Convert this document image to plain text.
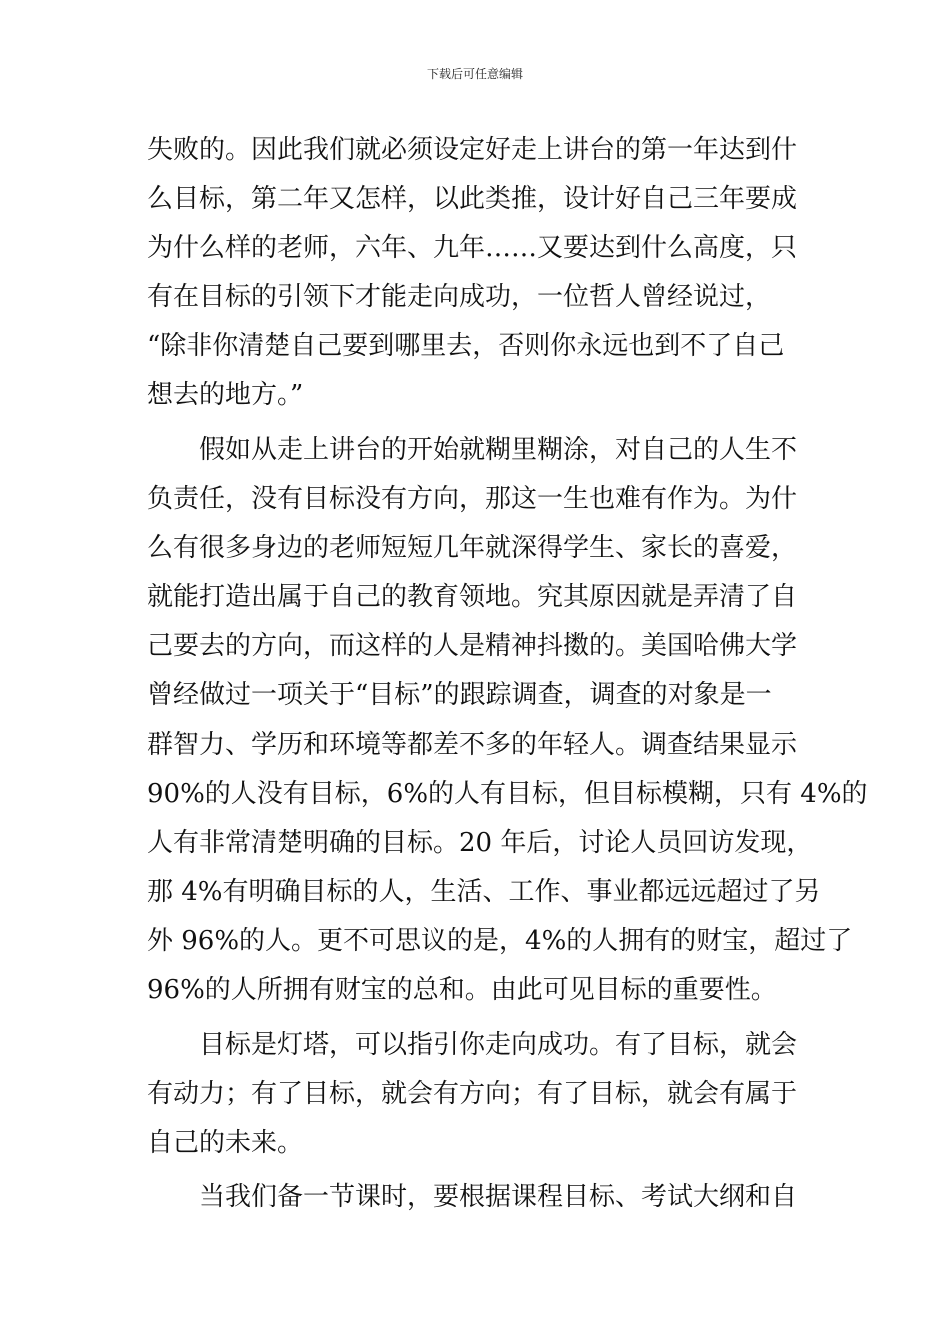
下载后可任意编辑
失败的。因此我们就必须设定好走上讲台的第一年达到什
么目标，第二年又怎样，以此类推，设计好自己三年要成
为什么样的老师，六年、九年……又要达到什么高度，只
有在目标的引领下才能走向成功，一位哲人曾经说过，
“除非你清楚自己要到哪里去，否则你永远也到不了自己
想去的地方。”
假如从走上讲台的开始就糊里糊涂，对自己的人生不
负责任，没有目标没有方向，那这一生也难有作为。为什
么有很多身边的老师短短几年就深得学生、家长的喜爱，
就能打造出属于自己的教育领地。究其原因就是弄清了自
己要去的方向，而这样的人是精神抖擞的。美国哈佛大学
曾经做过一项关于“目标”的跟踪调查，调查的对象是一
群智力、学历和环境等都差不多的年轻人。调查结果显示
90%的人没有目标，6%的人有目标，但目标模糊，只有 4%的
人有非常清楚明确的目标。20 年后，讨论人员回访发现，
那 4%有明确目标的人，生活、工作、事业都远远超过了另
外 96%的人。更不可思议的是，4%的人拥有的财宝，超过了
96%的人所拥有财宝的总和。由此可见目标的重要性。
目标是灯塔，可以指引你走向成功。有了目标，就会
有动力；有了目标，就会有方向；有了目标，就会有属于
自己的未来。
当我们备一节课时，要根据课程目标、考试大纲和自
